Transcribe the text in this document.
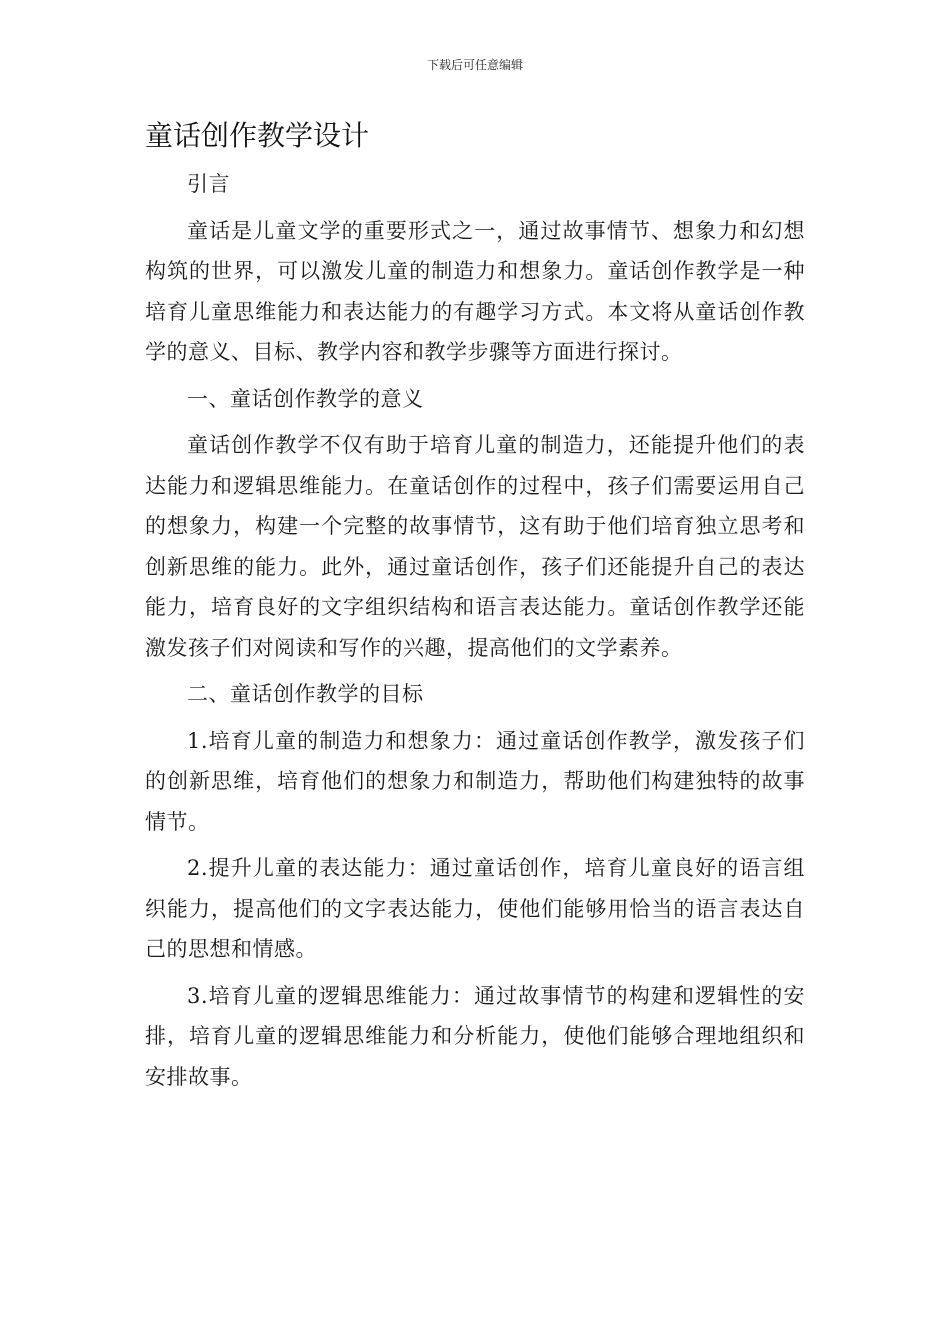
下载后可任意编辑
童话创作教学设计

引言

童话是儿童文学的重要形式之一，通过故事情节、想象力和幻想构筑的世界，可以激发儿童的制造力和想象力。童话创作教学是一种培育儿童思维能力和表达能力的有趣学习方式。本文将从童话创作教学的意义、目标、教学内容和教学步骤等方面进行探讨。

一、童话创作教学的意义

童话创作教学不仅有助于培育儿童的制造力，还能提升他们的表达能力和逻辑思维能力。在童话创作的过程中，孩子们需要运用自己的想象力，构建一个完整的故事情节，这有助于他们培育独立思考和创新思维的能力。此外，通过童话创作，孩子们还能提升自己的表达能力，培育良好的文字组织结构和语言表达能力。童话创作教学还能激发孩子们对阅读和写作的兴趣，提高他们的文学素养。

二、童话创作教学的目标

1.培育儿童的制造力和想象力：通过童话创作教学，激发孩子们的创新思维，培育他们的想象力和制造力，帮助他们构建独特的故事情节。

2.提升儿童的表达能力：通过童话创作，培育儿童良好的语言组织能力，提高他们的文字表达能力，使他们能够用恰当的语言表达自己的思想和情感。

3.培育儿童的逻辑思维能力：通过故事情节的构建和逻辑性的安排，培育儿童的逻辑思维能力和分析能力，使他们能够合理地组织和安排故事。
